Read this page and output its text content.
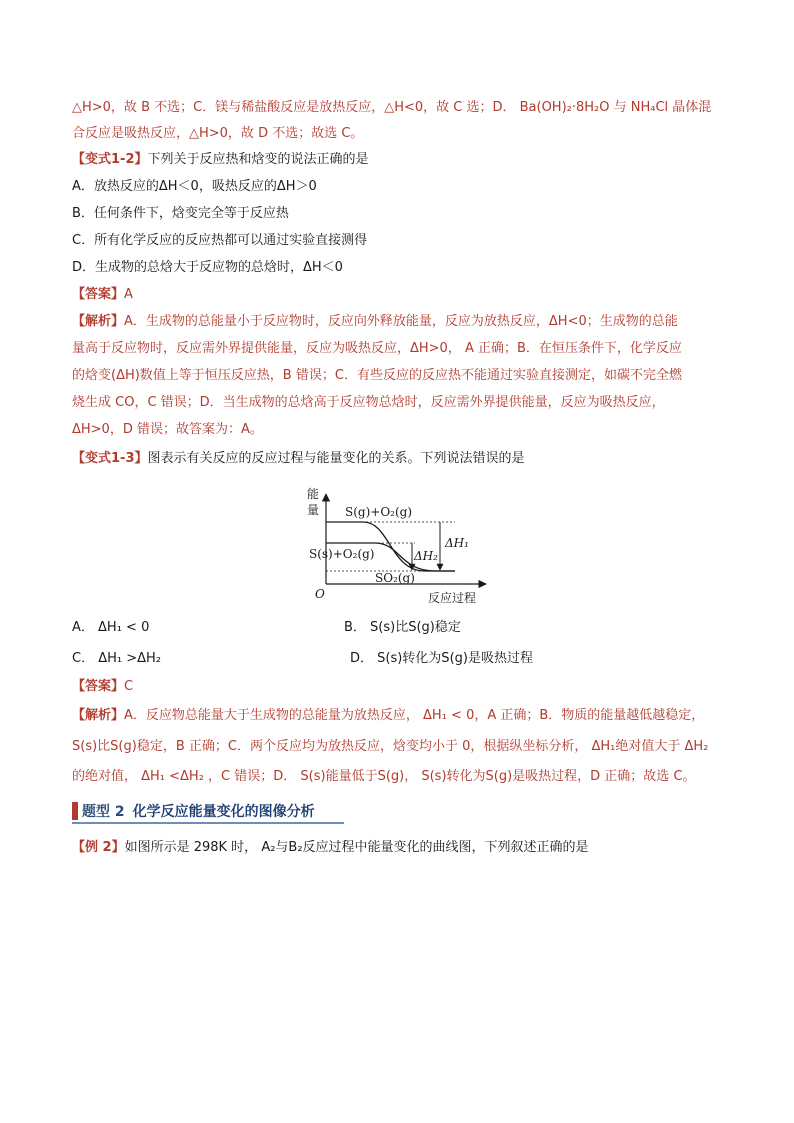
△H>0，故 B 不选；C．镁与稀盐酸反应是放热反应，△H<0，故 C 选；D． Ba(OH)₂·8H₂O 与 NH₄Cl 晶体混
合反应是吸热反应，△H>0，故 D 不选；故选 C。
【变式1-2】下列关于反应热和焓变的说法正确的是
A．放热反应的ΔH＜0，吸热反应的ΔH＞0
B．任何条件下，焓变完全等于反应热
C．所有化学反应的反应热都可以通过实验直接测得
D．生成物的总焓大于反应物的总焓时，ΔH＜0
【答案】A
【解析】A．生成物的总能量小于反应物时，反应向外释放能量，反应为放热反应，ΔH<0；生成物的总能
量高于反应物时，反应需外界提供能量，反应为吸热反应，ΔH>0， A 正确；B．在恒压条件下，化学反应
的焓变(ΔH)数值上等于恒压反应热，B 错误；C．有些反应的反应热不能通过实验直接测定，如碳不完全燃
烧生成 CO，C 错误；D．当生成物的总焓高于反应物总焓时，反应需外界提供能量，反应为吸热反应，
ΔH>0，D 错误；故答案为：A。
【变式1-3】图表示有关反应的反应过程与能量变化的关系。下列说法错误的是
能
量
O	反应过程
S(g)+O₂(g)
S(s)+O₂(g)
SO₂(g)
ΔH₁
ΔH₂
A． ΔH₁ < 0	B． S(s)比S(g)稳定
C． ΔH₁ >ΔH₂	D． S(s)转化为S(g)是吸热过程
【答案】C
【解析】A．反应物总能量大于生成物的总能量为放热反应， ΔH₁ < 0，A 正确；B．物质的能量越低越稳定，
S(s)比S(g)稳定，B 正确；C．两个反应均为放热反应，焓变均小于 0，根据纵坐标分析， ΔH₁绝对值大于 ΔH₂
的绝对值， ΔH₁ <ΔH₂ ，C 错误；D． S(s)能量低于S(g)， S(s)转化为S(g)是吸热过程，D 正确；故选 C。
题型 2 化学反应能量变化的图像分析
【例 2】如图所示是 298K 时， A₂与B₂反应过程中能量变化的曲线图，下列叙述正确的是
